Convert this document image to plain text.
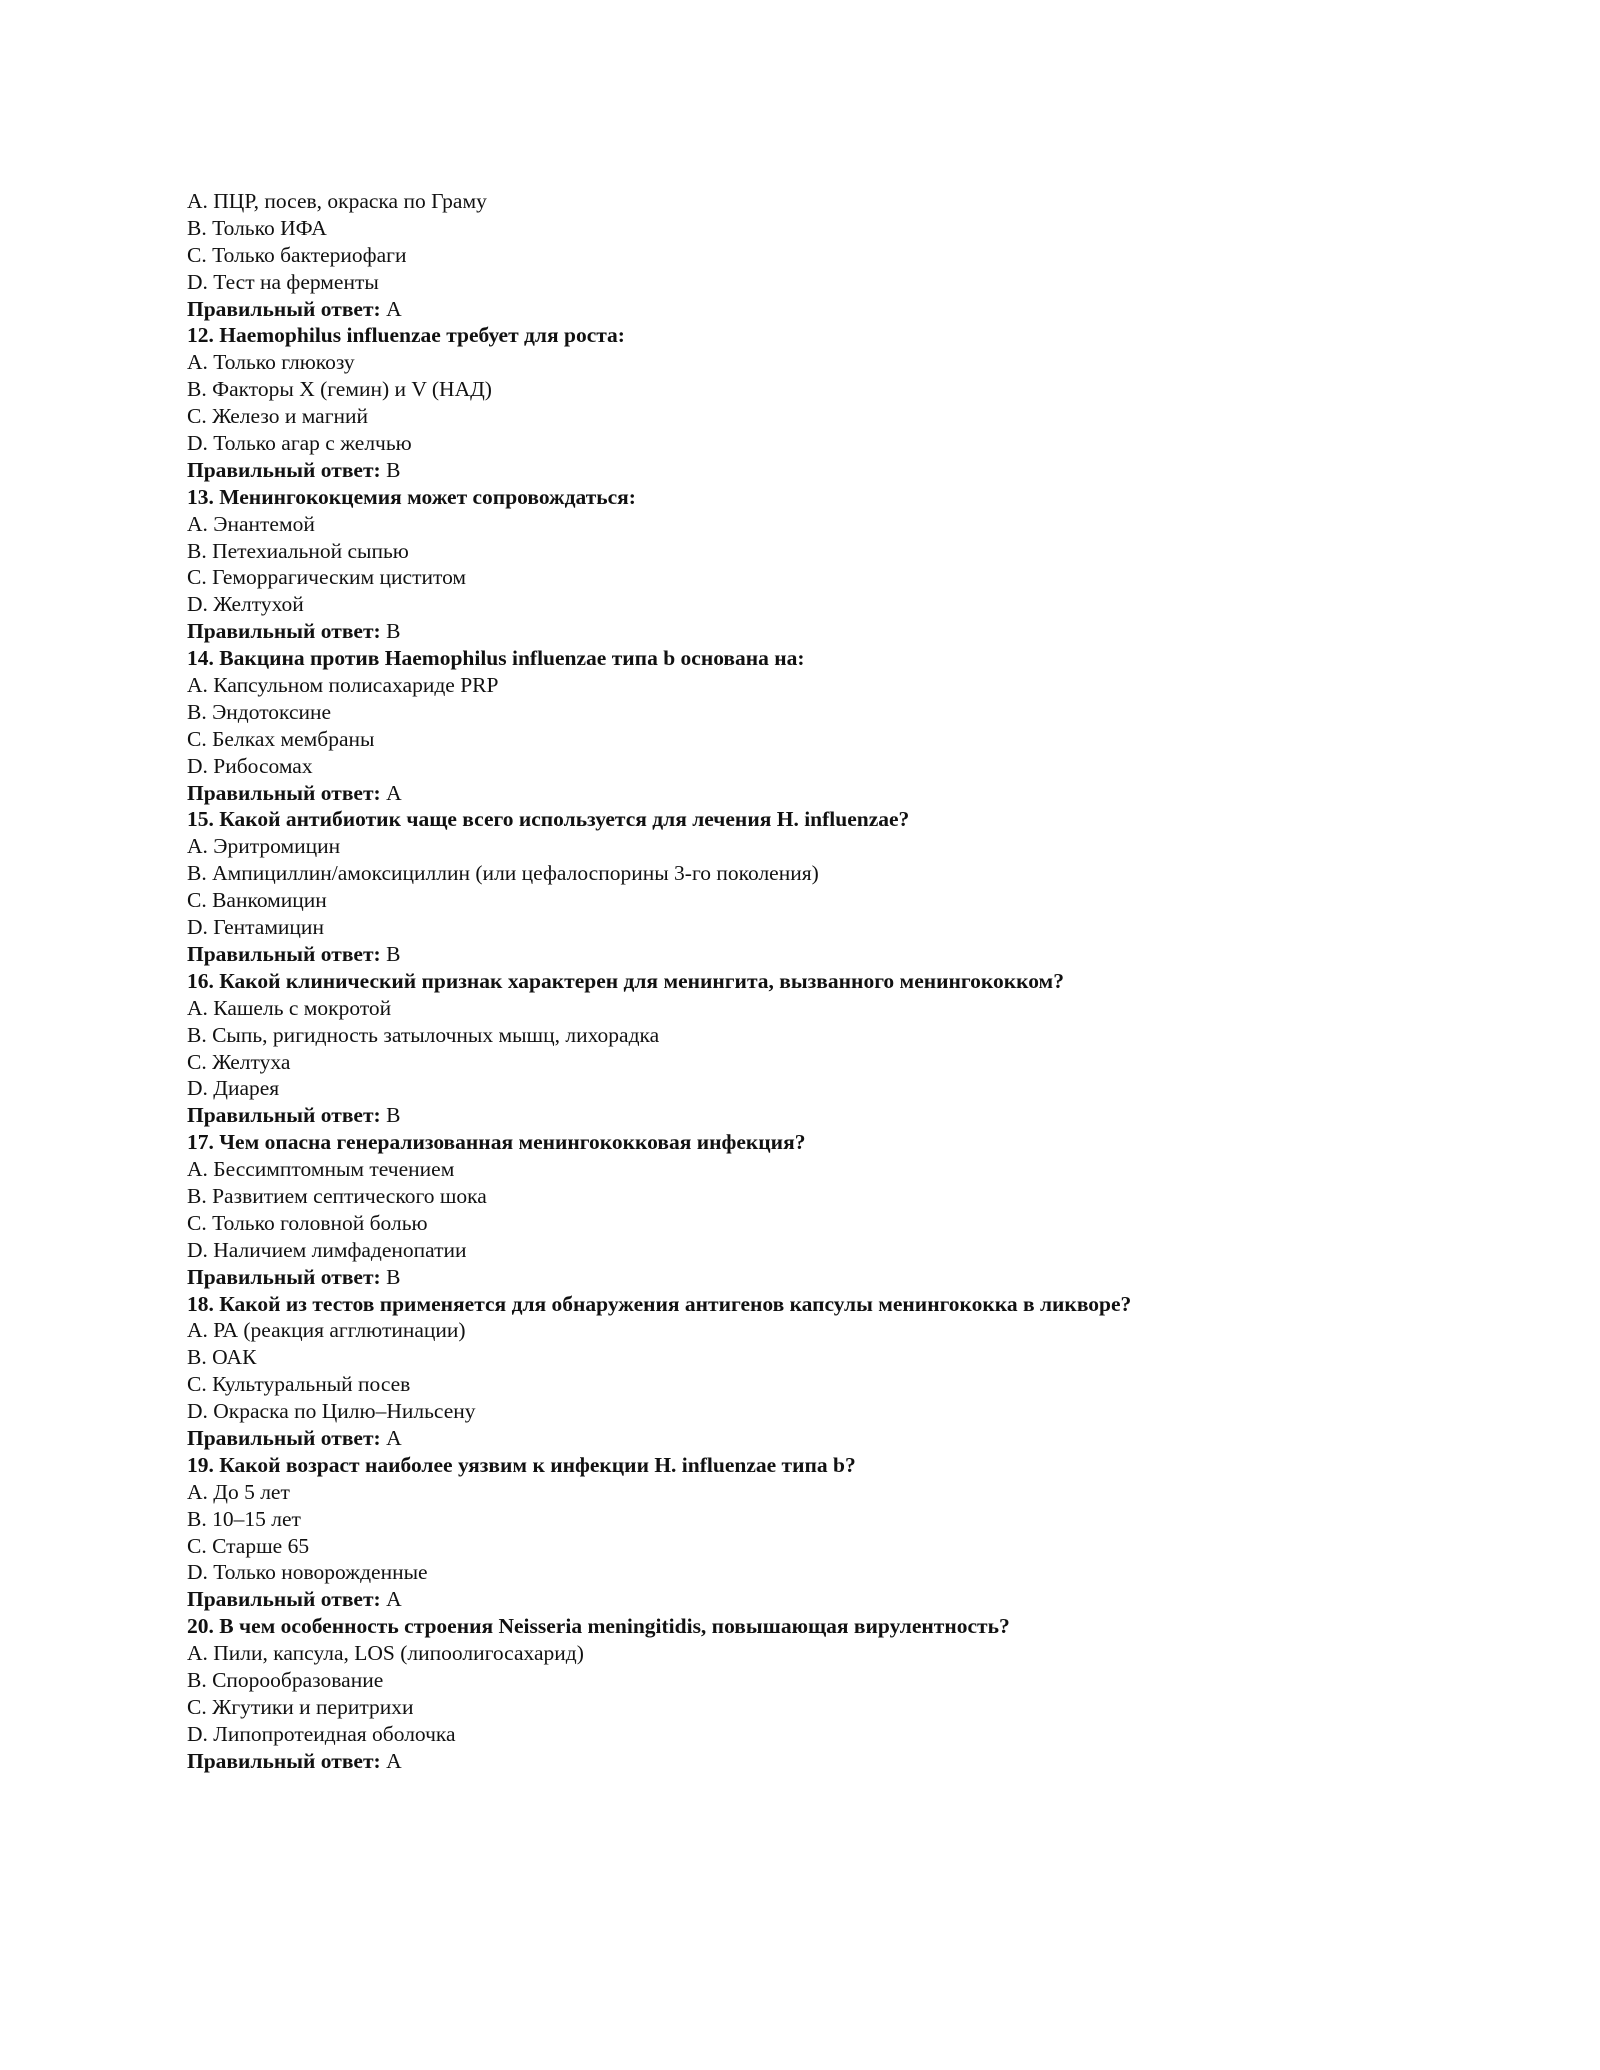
A. ПЦР, посев, окраска по Граму
B. Только ИФА
C. Только бактериофаги
D. Тест на ферменты
Правильный ответ: A
12. Haemophilus influenzae требует для роста:
A. Только глюкозу
B. Факторы X (гемин) и V (НАД)
C. Железо и магний
D. Только агар с желчью
Правильный ответ: B
13. Менингококцемия может сопровождаться:
A. Энантемой
B. Петехиальной сыпью
C. Геморрагическим циститом
D. Желтухой
Правильный ответ: B
14. Вакцина против Haemophilus influenzae типа b основана на:
A. Капсульном полисахариде PRP
B. Эндотоксине
C. Белках мембраны
D. Рибосомах
Правильный ответ: A
15. Какой антибиотик чаще всего используется для лечения H. influenzae?
A. Эритромицин
B. Ампициллин/амоксициллин (или цефалоспорины 3-го поколения)
C. Ванкомицин
D. Гентамицин
Правильный ответ: B
16. Какой клинический признак характерен для менингита, вызванного менингококком?
A. Кашель с мокротой
B. Сыпь, ригидность затылочных мышц, лихорадка
C. Желтуха
D. Диарея
Правильный ответ: B
17. Чем опасна генерализованная менингококковая инфекция?
A. Бессимптомным течением
B. Развитием септического шока
C. Только головной болью
D. Наличием лимфаденопатии
Правильный ответ: B
18. Какой из тестов применяется для обнаружения антигенов капсулы менингококка в ликворе?
A. РА (реакция агглютинации)
B. ОАК
C. Культуральный посев
D. Окраска по Цилю–Нильсену
Правильный ответ: A
19. Какой возраст наиболее уязвим к инфекции H. influenzae типа b?
A. До 5 лет
B. 10–15 лет
C. Старше 65
D. Только новорожденные
Правильный ответ: A
20. В чем особенность строения Neisseria meningitidis, повышающая вирулентность?
A. Пили, капсула, LOS (липоолигосахарид)
B. Спорообразование
C. Жгутики и перитрихи
D. Липопротеидная оболочка
Правильный ответ: A
